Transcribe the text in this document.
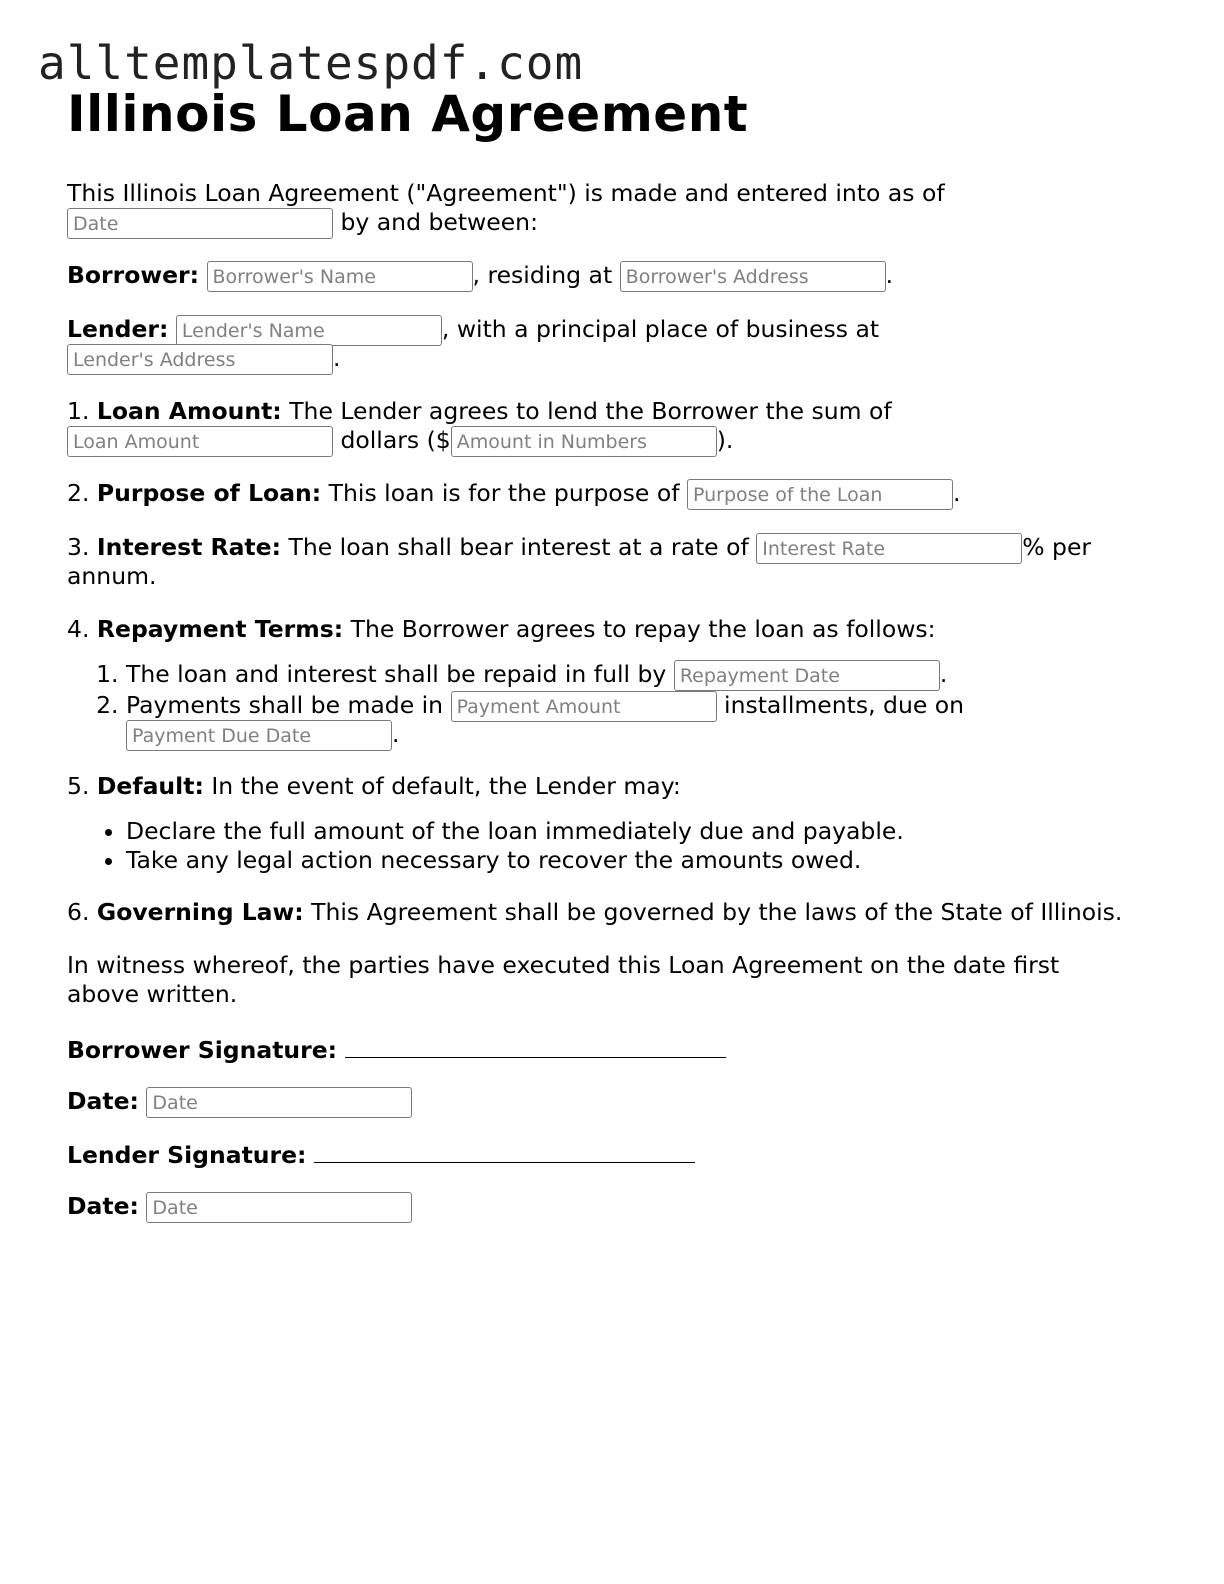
alltemplatespdf.com
Illinois Loan Agreement

This Illinois Loan Agreement ("Agreement") is made and entered into as of
Date by and between:

Borrower: Borrower's Name	, residing at Borrower's Address	.

Lender: Lender's Name	, with a principal place of business at
Lender's Address.

1. Loan Amount: The Lender agrees to lend the Borrower the sum of
Loan Amount dollars ($Amount in Numbers	).

2. Purpose of Loan: This loan is for the purpose of Purpose of the Loan	.

3. Interest Rate: The loan shall bear interest at a rate of Interest Rate	% per annum.

4. Repayment Terms: The Borrower agrees to repay the loan as follows:

1. The loan and interest shall be repaid in full by Repayment Date	.
2. Payments shall be made in Payment Amount	installments, due on
Payment Due Date.

5. Default: In the event of default, the Lender may:

• Declare the full amount of the loan immediately due and payable.
• Take any legal action necessary to recover the amounts owed.

6. Governing Law: This Agreement shall be governed by the laws of the State of Illinois.

In witness whereof, the parties have executed this Loan Agreement on the date first above written.

Borrower Signature:

Date: Date

Lender Signature:

Date: Date
